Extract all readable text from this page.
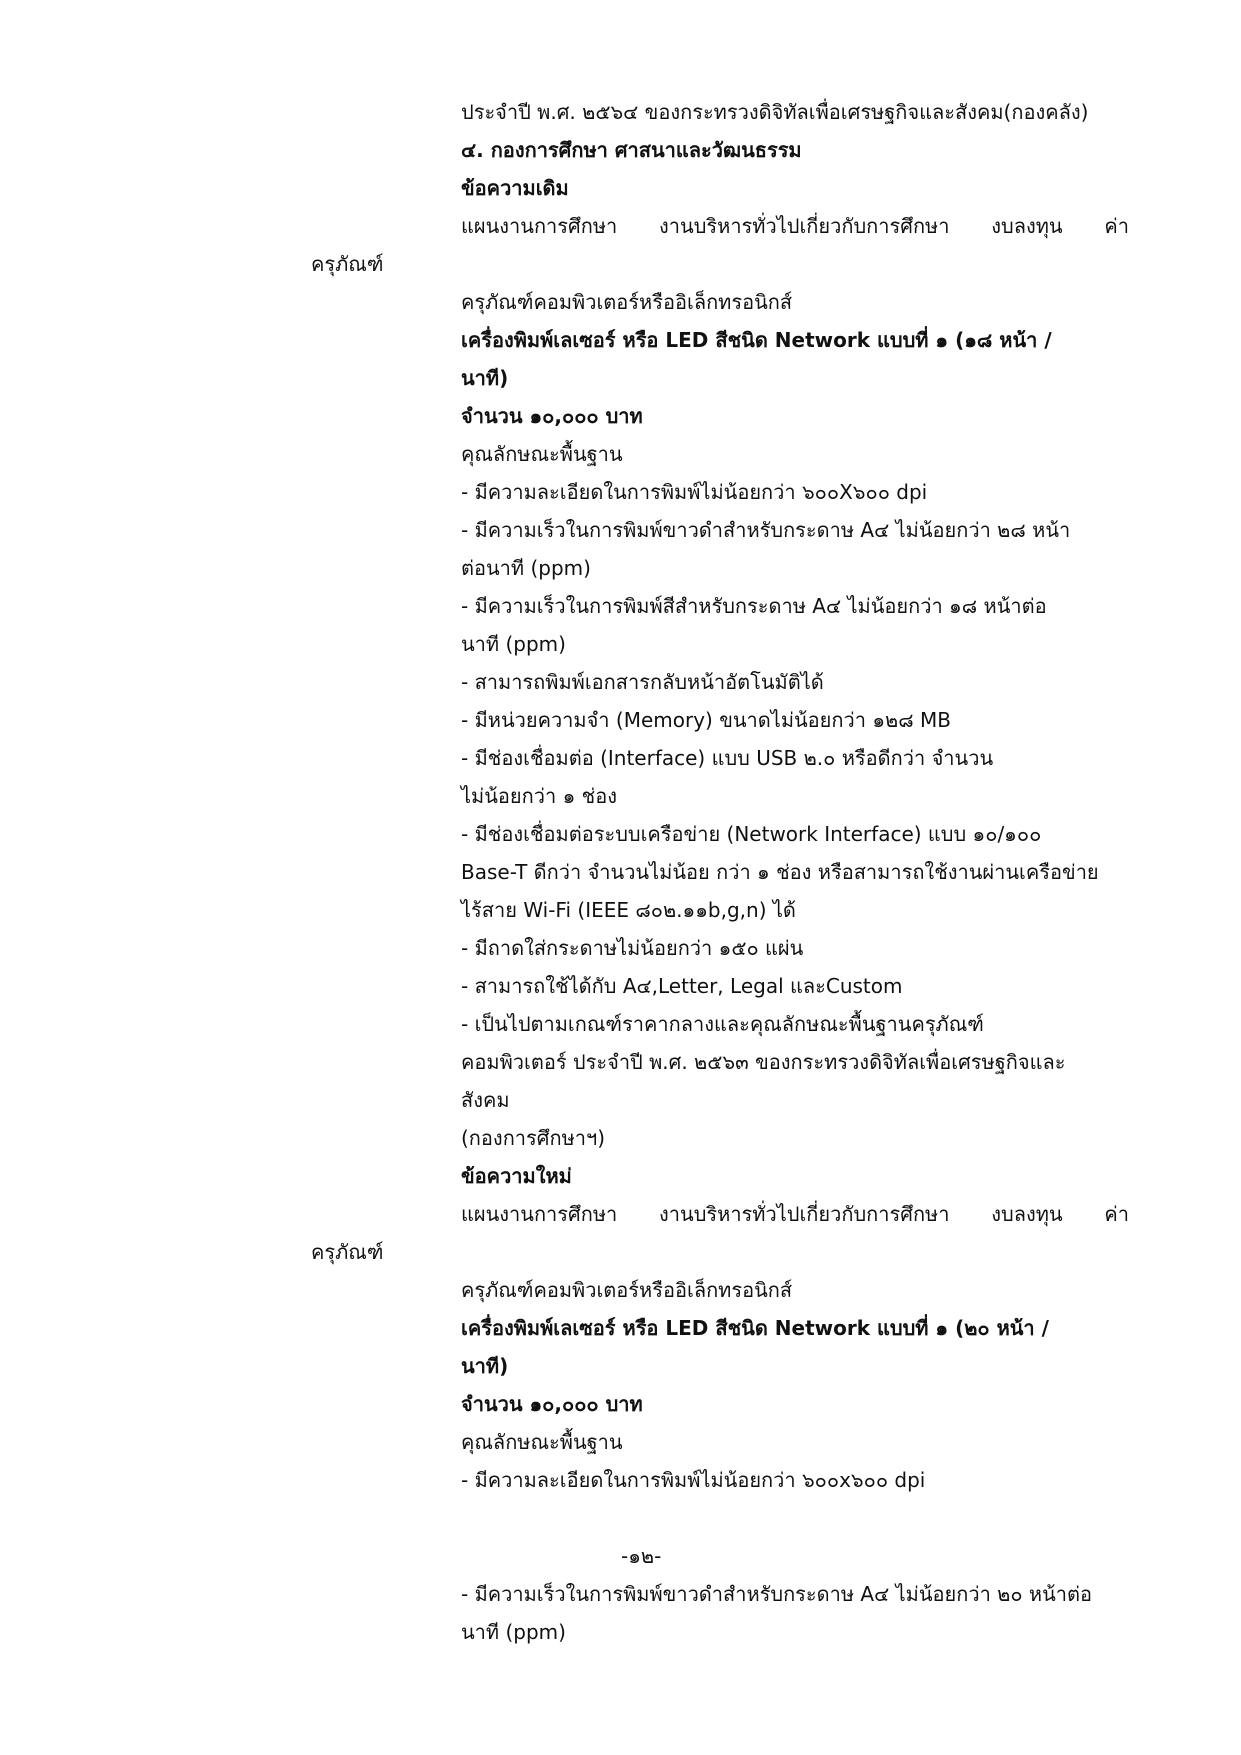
ประจำปี พ.ศ. ๒๕๖๔ ของกระทรวงดิจิทัลเพื่อเศรษฐกิจและสังคม(กองคลัง)
๔. กองการศึกษา ศาสนาและวัฒนธรรม
ข้อความเดิม
แผนงานการศึกษา งานบริหารทั่วไปเกี่ยวกับการศึกษา งบลงทุน ค่า
ครุภัณฑ์
ครุภัณฑ์คอมพิวเตอร์หรืออิเล็กทรอนิกส์
เครื่องพิมพ์เลเซอร์ หรือ LED สีชนิด Network แบบที่ ๑ (๑๘ หน้า /
นาที)
จำนวน ๑๐,๐๐๐ บาท
คุณลักษณะพื้นฐาน
- มีความละเอียดในการพิมพ์ไม่น้อยกว่า ๖๐๐X๖๐๐ dpi
- มีความเร็วในการพิมพ์ขาวดำสำหรับกระดาษ A๔ ไม่น้อยกว่า ๒๘ หน้า
ต่อนาที (ppm)
- มีความเร็วในการพิมพ์สีสำหรับกระดาษ A๔ ไม่น้อยกว่า ๑๘ หน้าต่อ
นาที (ppm)
- สามารถพิมพ์เอกสารกลับหน้าอัตโนมัติได้
- มีหน่วยความจำ (Memory) ขนาดไม่น้อยกว่า ๑๒๘ MB
- มีช่องเชื่อมต่อ (Interface) แบบ USB ๒.๐ หรือดีกว่า จำนวน
ไม่น้อยกว่า ๑ ช่อง
- มีช่องเชื่อมต่อระบบเครือข่าย (Network Interface) แบบ ๑๐/๑๐๐
Base-T ดีกว่า จำนวนไม่น้อย กว่า ๑ ช่อง หรือสามารถใช้งานผ่านเครือข่าย
ไร้สาย Wi-Fi (IEEE ๘๐๒.๑๑b,g,n) ได้
- มีถาดใส่กระดาษไม่น้อยกว่า ๑๕๐ แผ่น
- สามารถใช้ได้กับ A๔,Letter, Legal และCustom
- เป็นไปตามเกณฑ์ราคากลางและคุณลักษณะพื้นฐานครุภัณฑ์
คอมพิวเตอร์ ประจำปี พ.ศ. ๒๕๖๓ ของกระทรวงดิจิทัลเพื่อเศรษฐกิจและ
สังคม
(กองการศึกษาฯ)
ข้อความใหม่
แผนงานการศึกษา งานบริหารทั่วไปเกี่ยวกับการศึกษา งบลงทุน ค่า
ครุภัณฑ์
ครุภัณฑ์คอมพิวเตอร์หรืออิเล็กทรอนิกส์
เครื่องพิมพ์เลเซอร์ หรือ LED สีชนิด Network แบบที่ ๑ (๒๐ หน้า /
นาที)
จำนวน ๑๐,๐๐๐ บาท
คุณลักษณะพื้นฐาน
- มีความละเอียดในการพิมพ์ไม่น้อยกว่า ๖๐๐x๖๐๐ dpi
-๑๒-
- มีความเร็วในการพิมพ์ขาวดำสำหรับกระดาษ A๔ ไม่น้อยกว่า ๒๐ หน้าต่อ
นาที (ppm)
